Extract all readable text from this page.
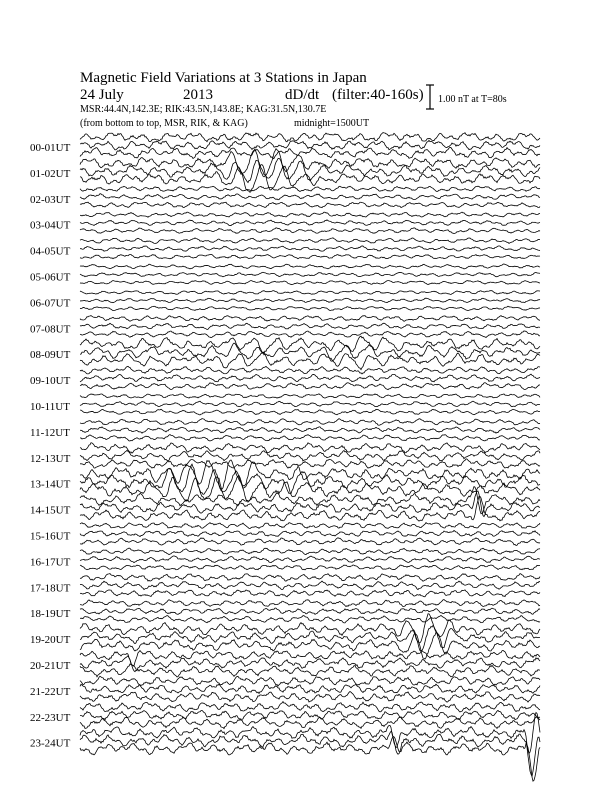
00-01UT
01-02UT
02-03UT
03-04UT
04-05UT
05-06UT
06-07UT
07-08UT
08-09UT
09-10UT
10-11UT
11-12UT
12-13UT
13-14UT
14-15UT
15-16UT
16-17UT
17-18UT
18-19UT
19-20UT
20-21UT
21-22UT
22-23UT
23-24UT
Magnetic Field Variations at 3 Stations in Japan
24 July	2013	dD/dt (filter:40-160s)
MSR:44.4N,142.3E; RIK:43.5N,143.8E; KAG:31.5N,130.7E
(from bottom to top, MSR, RIK, & KAG)	midnight=1500UT
1.00 nT at T=80s
